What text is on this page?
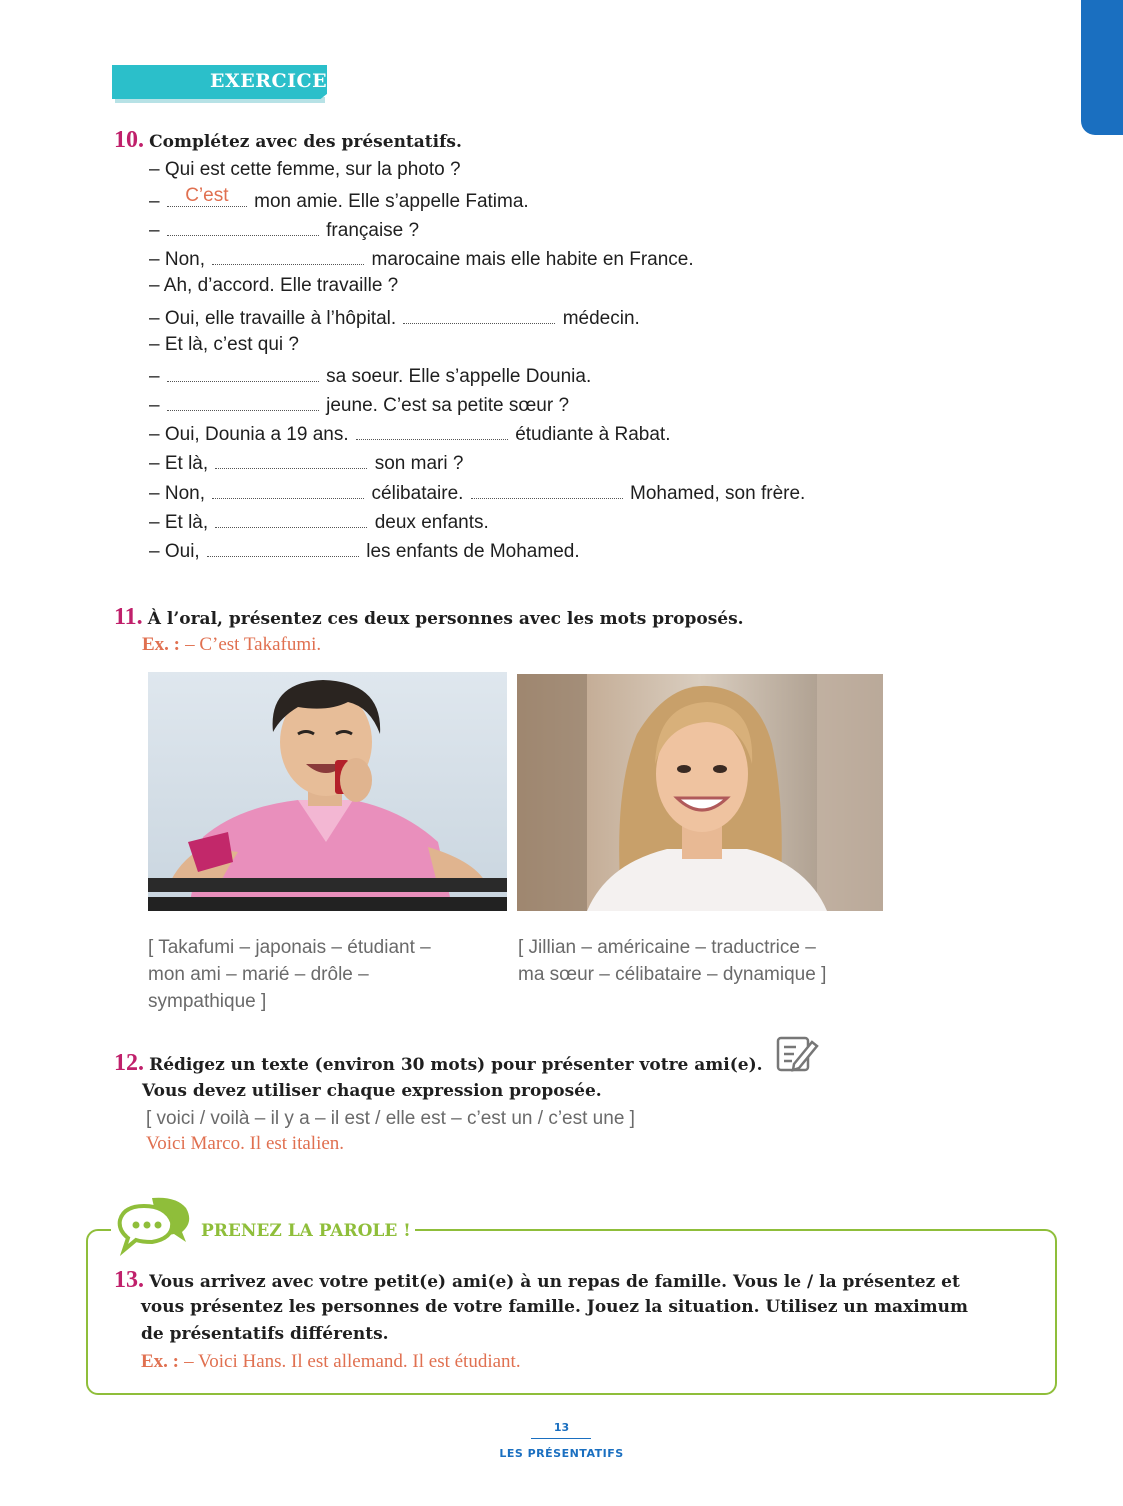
EXERCICES
10. Complétez avec des présentatifs.
– Qui est cette femme, sur la photo ?
–	C’est	mon amie. Elle s’appelle Fatima.
–	française ?
– Non,	marocaine mais elle habite en France.
– Ah, d’accord. Elle travaille ?
– Oui, elle travaille à l’hôpital.	médecin.
– Et là, c’est qui ?
–	sa soeur. Elle s’appelle Dounia.
–	jeune. C’est sa petite sœur ?
– Oui, Dounia a 19 ans.	étudiante à Rabat.
– Et là,	son mari ?
– Non,	célibataire.	Mohamed, son frère.
– Et là,	deux enfants.
– Oui,	les enfants de Mohamed.
11. À l’oral, présentez ces deux personnes avec les mots proposés.
Ex. : – C’est Takafumi.
[ Takafumi – japonais – étudiant –
mon ami – marié – drôle –
sympathique ]
[ Jillian – américaine – traductrice –
ma sœur – célibataire – dynamique ]
12. Rédigez un texte (environ 30 mots) pour présenter votre ami(e).
Vous devez utiliser chaque expression proposée.
[ voici / voilà – il y a – il est / elle est – c’est un / c’est une ]
Voici Marco. Il est italien.
PRENEZ LA PAROLE !
13. Vous arrivez avec votre petit(e) ami(e) à un repas de famille. Vous le / la présentez et
vous présentez les personnes de votre famille. Jouez la situation. Utilisez un maximum
de présentatifs différents.
Ex. : – Voici Hans. Il est allemand. Il est étudiant.
13
LES PRÉSENTATIFS
